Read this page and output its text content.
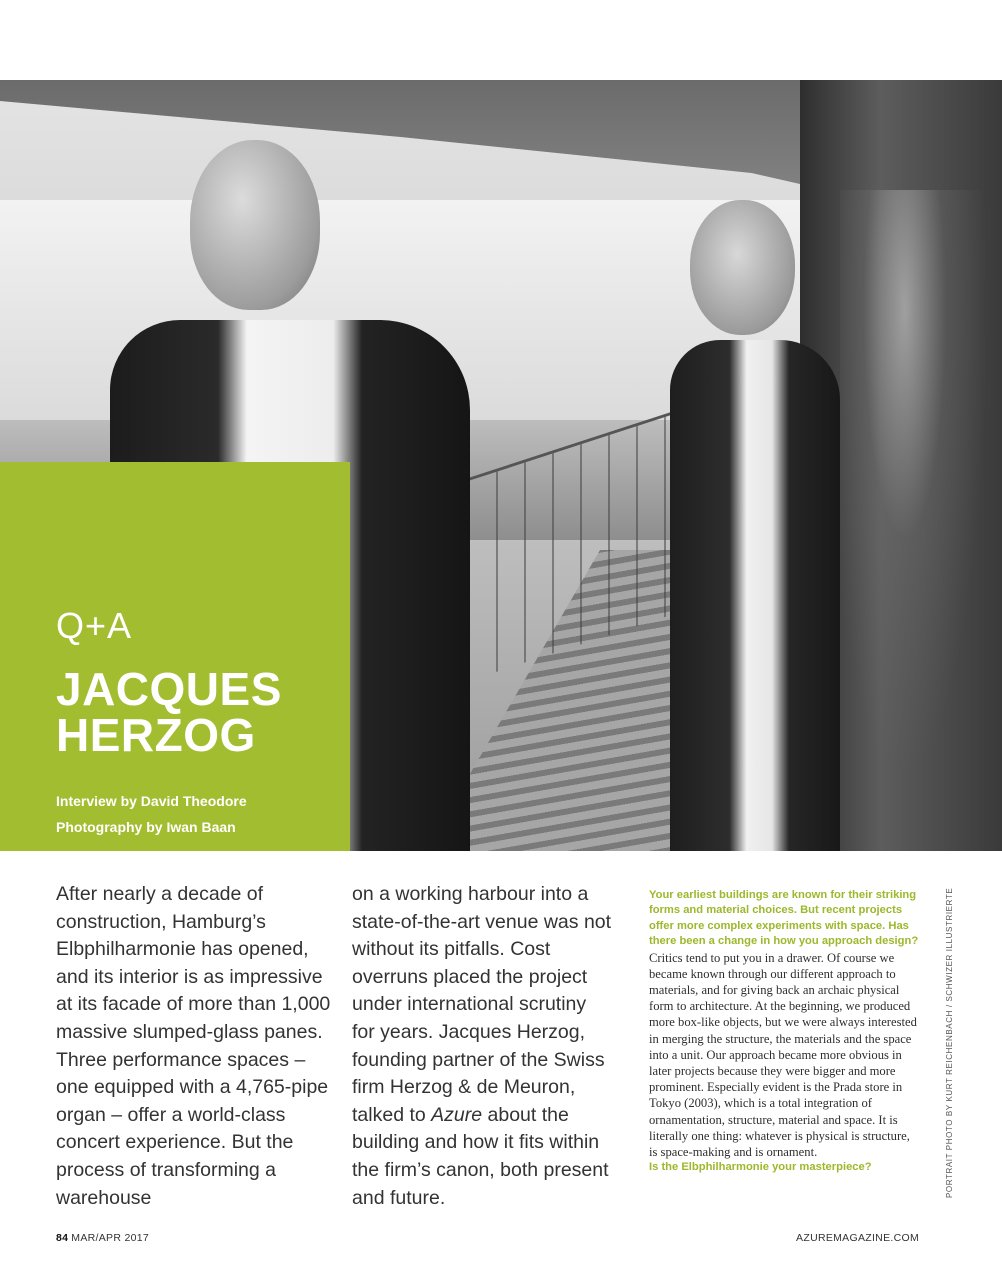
Q+A
JACQUES
HERZOG
Interview by David Theodore
Photography by Iwan Baan

After nearly a decade of construction, Hamburg’s Elbphilharmonie has opened, and its interior is as impressive at its facade of more than 1,000 massive slumped-glass panes. Three performance spaces – one equipped with a 4,765-pipe organ – offer a world-class concert experience. But the process of transforming a warehouse

on a working harbour into a state-of-the-art venue was not without its pitfalls. Cost overruns placed the project under international scrutiny for years. Jacques Herzog, founding partner of the Swiss firm Herzog & de Meuron, talked to Azure about the building and how it fits within the firm’s canon, both present and future.

Your earliest buildings are known for their striking forms and material choices. But recent projects offer more complex experiments with space. Has there been a change in how you approach design?

Critics tend to put you in a drawer. Of course we became known through our different approach to materials, and for giving back an archaic physical form to architecture. At the beginning, we produced more box-like objects, but we were always interested in merging the structure, the materials and the space into a unit. Our approach became more obvious in later projects because they were bigger and more prominent. Especially evident is the Prada store in Tokyo (2003), which is a total integration of ornamentation, structure, material and space. It is literally one thing: whatever is physical is structure, is space-making and is ornament.

Is the Elbphilharmonie your masterpiece?	PORTRAIT PHOTO BY KURT REICHENBACH / SCHWIZER ILLUSTRIERTE
84 MAR/APR 2017	AZUREMAGAZINE.COM
